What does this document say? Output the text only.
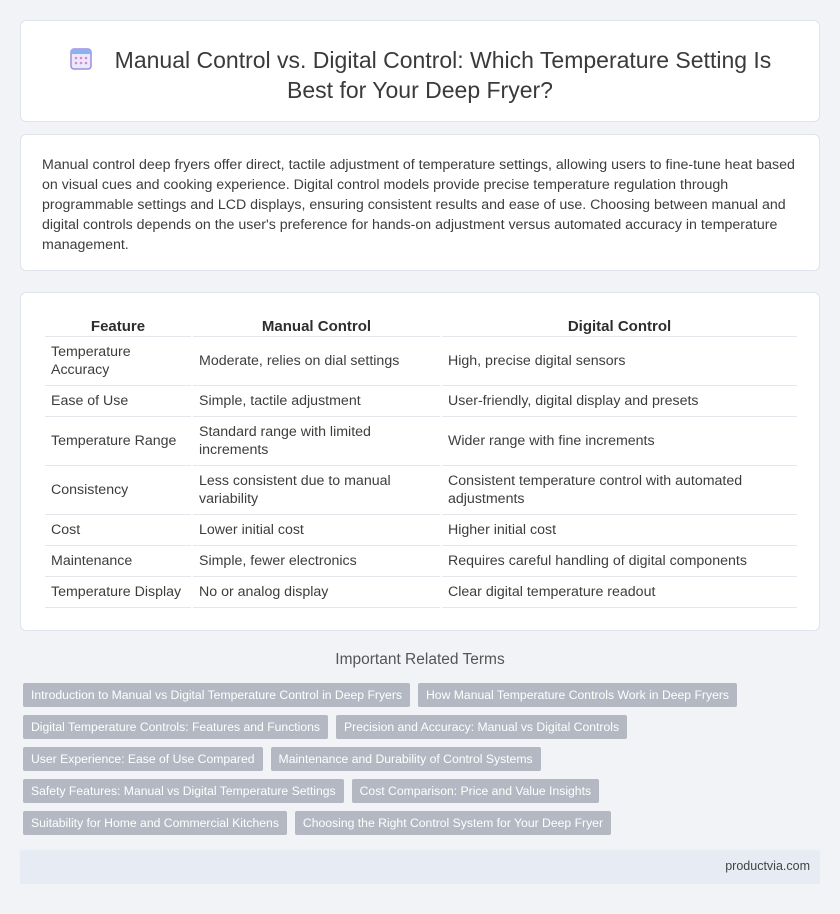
Manual Control vs. Digital Control: Which Temperature Setting Is Best for Your Deep Fryer?

Manual control deep fryers offer direct, tactile adjustment of temperature settings, allowing users to fine-tune heat based on visual cues and cooking experience. Digital control models provide precise temperature regulation through programmable settings and LCD displays, ensuring consistent results and ease of use. Choosing between manual and digital controls depends on the user's preference for hands-on adjustment versus automated accuracy in temperature management.

Feature	Manual Control	Digital Control
Temperature Accuracy	Moderate, relies on dial settings	High, precise digital sensors
Ease of Use	Simple, tactile adjustment	User-friendly, digital display and presets
Temperature Range	Standard range with limited increments	Wider range with fine increments
Consistency	Less consistent due to manual variability	Consistent temperature control with automated adjustments
Cost	Lower initial cost	Higher initial cost
Maintenance	Simple, fewer electronics	Requires careful handling of digital components
Temperature Display	No or analog display	Clear digital temperature readout
Important Related Terms
Introduction to Manual vs Digital Temperature Control in Deep Fryers	How Manual Temperature Controls Work in Deep Fryers
Digital Temperature Controls: Features and Functions	Precision and Accuracy: Manual vs Digital Controls
User Experience: Ease of Use Compared	Maintenance and Durability of Control Systems
Safety Features: Manual vs Digital Temperature Settings	Cost Comparison: Price and Value Insights
Suitability for Home and Commercial Kitchens	Choosing the Right Control System for Your Deep Fryer
productvia.com
